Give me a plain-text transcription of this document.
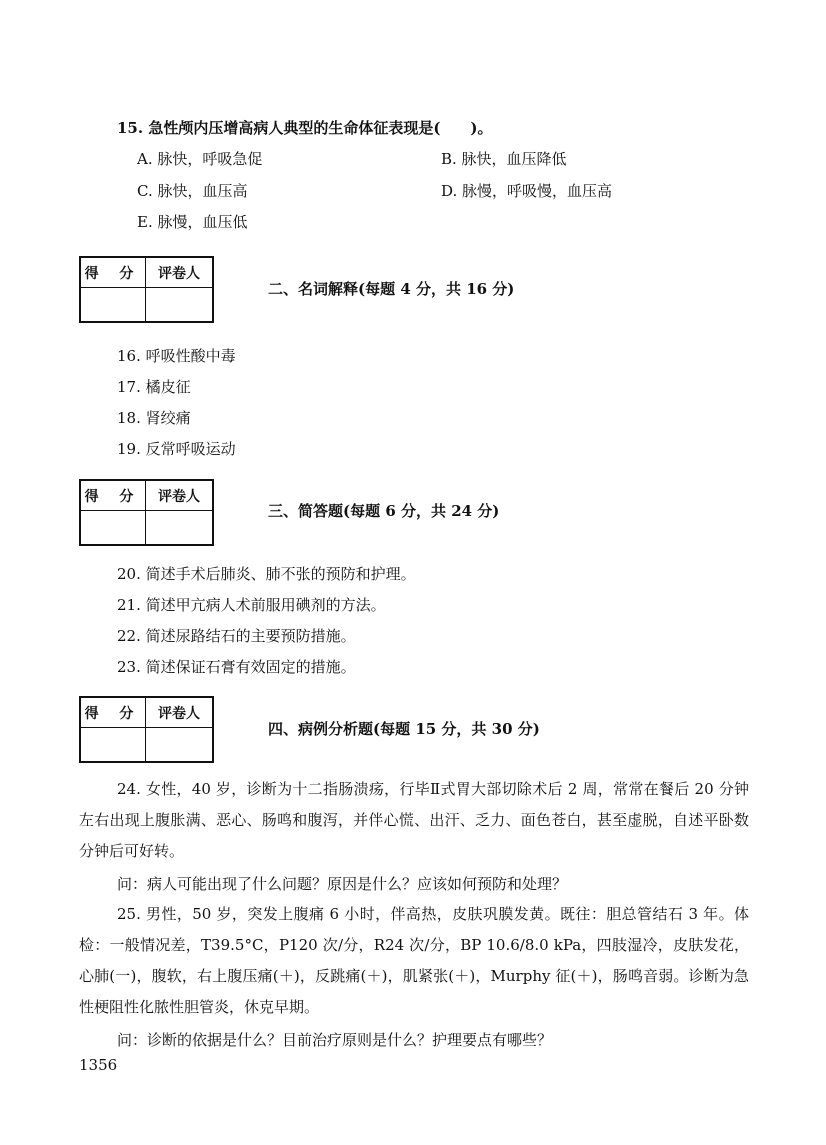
15. 急性颅内压增高病人典型的生命体征表现是(　　)。
A. 脉快，呼吸急促	B. 脉快，血压降低
C. 脉快，血压高	D. 脉慢，呼吸慢，血压高
E. 脉慢，血压低
得 分	评卷人

二、名词解释(每题 4 分，共 16 分)
16. 呼吸性酸中毒
17. 橘皮征
18. 肾绞痛
19. 反常呼吸运动
得 分	评卷人

三、简答题(每题 6 分，共 24 分)
20. 简述手术后肺炎、肺不张的预防和护理。
21. 简述甲亢病人术前服用碘剂的方法。
22. 简述尿路结石的主要预防措施。
23. 简述保证石膏有效固定的措施。
得 分	评卷人

四、病例分析题(每题 15 分，共 30 分)
24. 女性，40 岁，诊断为十二指肠溃疡，行毕Ⅱ式胃大部切除术后 2 周，常常在餐后 20 分钟左右出现上腹胀满、恶心、肠鸣和腹泻，并伴心慌、出汗、乏力、面色苍白，甚至虚脱，自述平卧数分钟后可好转。
问：病人可能出现了什么问题？原因是什么？应该如何预防和处理？
25. 男性，50 岁，突发上腹痛 6 小时，伴高热，皮肤巩膜发黄。既往：胆总管结石 3 年。体检：一般情况差，T39.5°C，P120 次/分，R24 次/分，BP 10.6/8.0 kPa，四肢湿冷，皮肤发花，心肺(一)，腹软，右上腹压痛(＋)，反跳痛(＋)，肌紧张(＋)，Murphy 征(＋)，肠鸣音弱。诊断为急性梗阻性化脓性胆管炎，休克早期。
问：诊断的依据是什么？目前治疗原则是什么？护理要点有哪些？
1356
